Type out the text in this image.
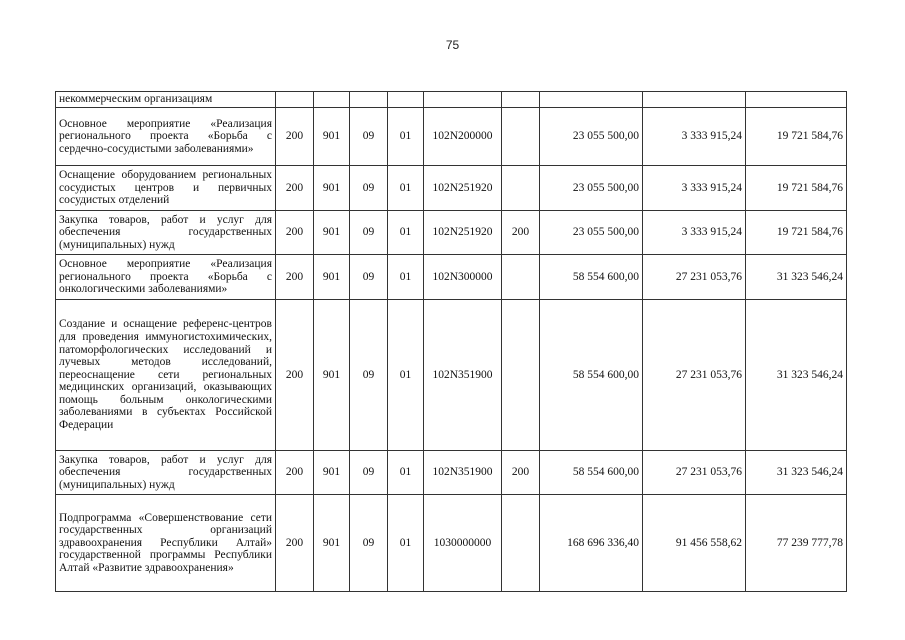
75
некоммерческим организациям									

Основное мероприятие «Реализация регионального проекта «Борьба с сердечно-сосудистыми заболеваниями»	200	901	09	01	102N200000		23 055 500,00	3 333 915,24	19 721 584,76
Оснащение оборудованием региональных сосудистых центров и первичных сосудистых отделений	200	901	09	01	102N251920		23 055 500,00	3 333 915,24	19 721 584,76
Закупка товаров, работ и услуг для обеспечения государственных (муниципальных) нужд	200	901	09	01	102N251920	200	23 055 500,00	3 333 915,24	19 721 584,76
Основное мероприятие «Реализация регионального проекта «Борьба с онкологическими заболеваниями»	200	901	09	01	102N300000		58 554 600,00	27 231 053,76	31 323 546,24
Создание и оснащение референс-центров для проведения иммуногистохимических, патоморфологических исследований и лучевых методов исследований, переоснащение сети региональных медицинских организаций, оказывающих помощь больным онкологическими заболеваниями в субъектах Российской Федерации	200	901	09	01	102N351900		58 554 600,00	27 231 053,76	31 323 546,24
Закупка товаров, работ и услуг для обеспечения государственных (муниципальных) нужд	200	901	09	01	102N351900	200	58 554 600,00	27 231 053,76	31 323 546,24
Подпрограмма «Совершенствование сети государственных организаций здравоохранения Республики Алтай» государственной программы Республики Алтай «Развитие здравоохранения»	200	901	09	01	1030000000		168 696 336,40	91 456 558,62	77 239 777,78
